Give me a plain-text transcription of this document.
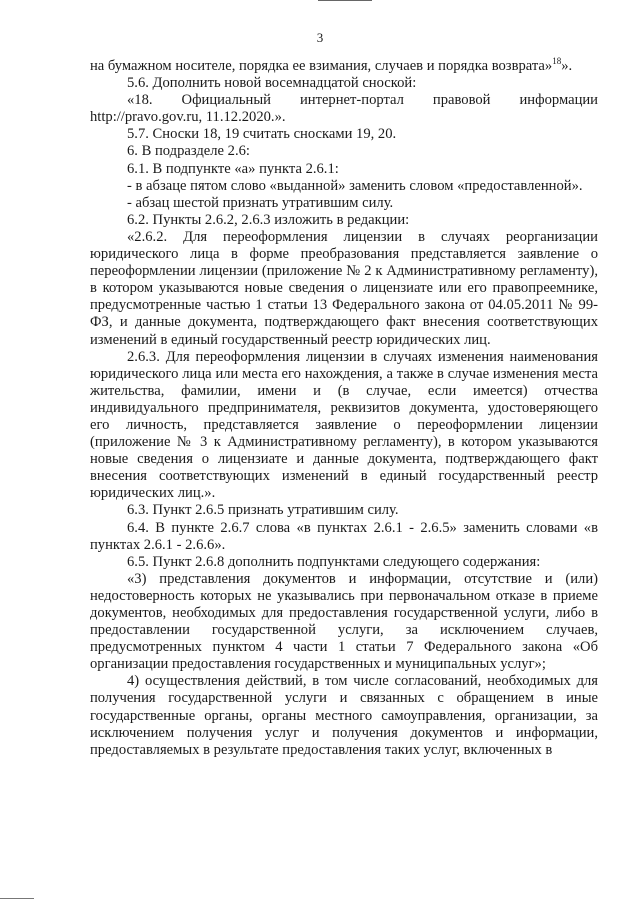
3

на бумажном носителе, порядка ее взимания, случаев и порядка возврата»$^{18}$».

5.6. Дополнить новой восемнадцатой сноской:

«18. Официальный интернет-портал правовой информации http://pravo.gov.ru, 11.12.2020.».

5.7. Сноски 18, 19 считать сносками 19, 20.

6. В подразделе 2.6:

6.1. В подпункте «а» пункта 2.6.1:

- в абзаце пятом слово «выданной» заменить словом «предоставленной».

- абзац шестой признать утратившим силу.

6.2. Пункты 2.6.2, 2.6.3 изложить в редакции:

«2.6.2. Для переоформления лицензии в случаях реорганизации юридического лица в форме преобразования представляется заявление о переоформлении лицензии (приложение № 2 к Административному регламенту), в котором указываются новые сведения о лицензиате или его правопреемнике, предусмотренные частью 1 статьи 13 Федерального закона от 04.05.2011 № 99-ФЗ, и данные документа, подтверждающего факт внесения соответствующих изменений в единый государственный реестр юридических лиц.

2.6.3. Для переоформления лицензии в случаях изменения наименования юридического лица или места его нахождения, а также в случае изменения места жительства, фамилии, имени и (в случае, если имеется) отчества индивидуального предпринимателя, реквизитов документа, удостоверяющего его личность, представляется заявление о переоформлении лицензии (приложение № 3 к Административному регламенту), в котором указываются новые сведения о лицензиате и данные документа, подтверждающего факт внесения соответствующих изменений в единый государственный реестр юридических лиц.».

6.3. Пункт 2.6.5 признать утратившим силу.

6.4. В пункте 2.6.7 слова «в пунктах 2.6.1 - 2.6.5» заменить словами «в пунктах 2.6.1 - 2.6.6».

6.5. Пункт 2.6.8 дополнить подпунктами следующего содержания:

«3) представления документов и информации, отсутствие и (или) недостоверность которых не указывались при первоначальном отказе в приеме документов, необходимых для предоставления государственной услуги, либо в предоставлении государственной услуги, за исключением случаев, предусмотренных пунктом 4 части 1 статьи 7 Федерального закона «Об организации предоставления государственных и муниципальных услуг»;

4) осуществления действий, в том числе согласований, необходимых для получения государственной услуги и связанных с обращением в иные государственные органы, органы местного самоуправления, организации, за исключением получения услуг и получения документов и информации, предоставляемых в результате предоставления таких услуг, включенных в
